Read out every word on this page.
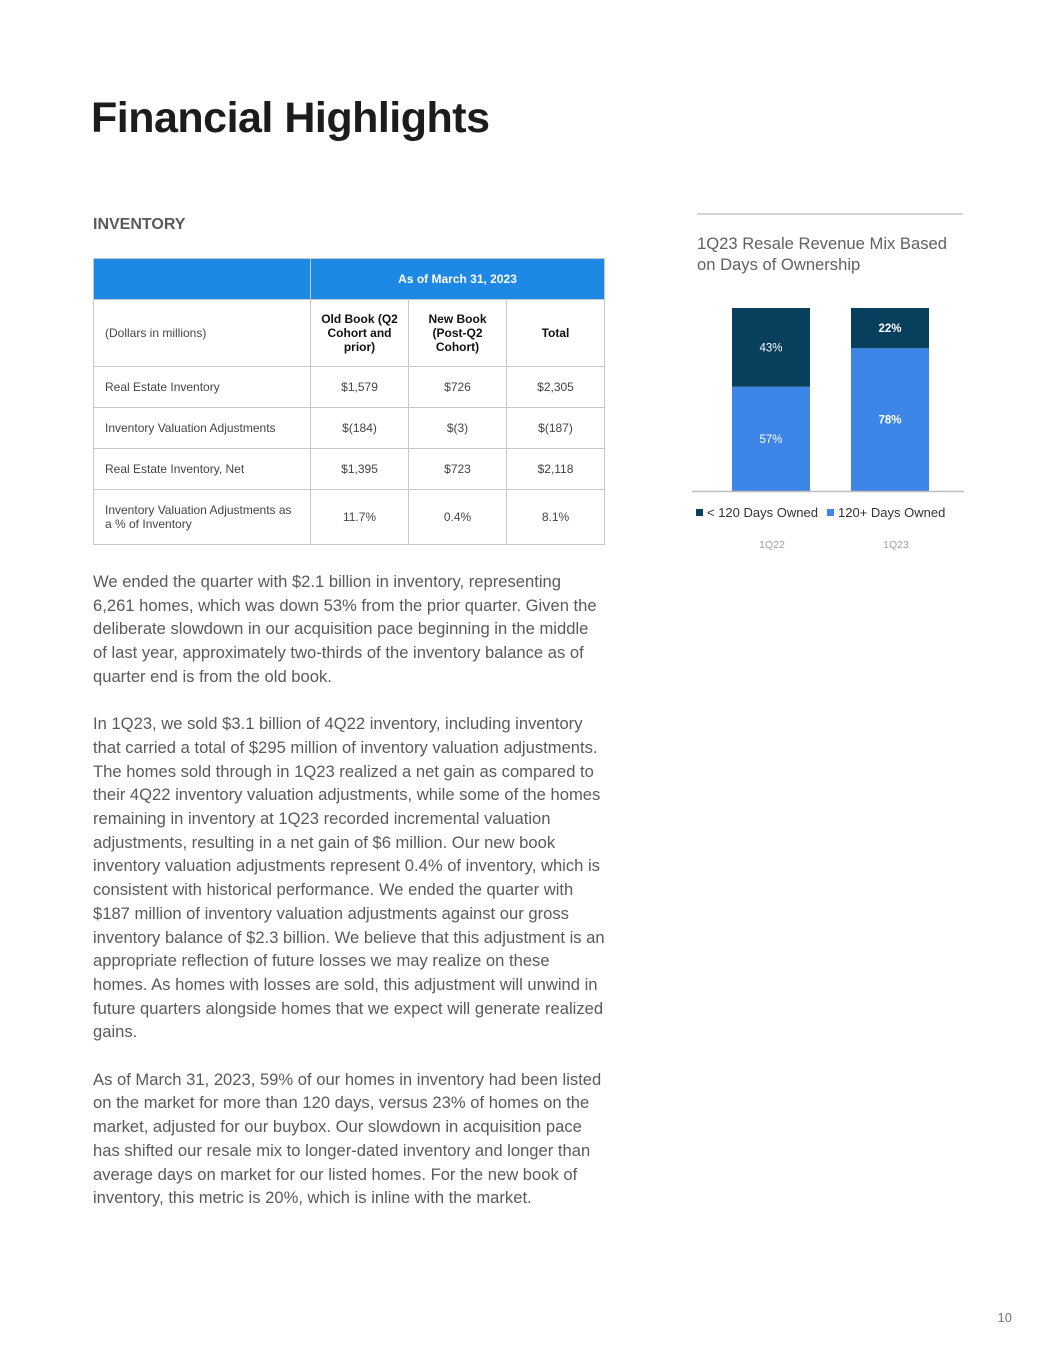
Financial Highlights
INVENTORY
	As of March 31, 2023		
(Dollars in millions)	Old Book (Q2 Cohort and prior)	New Book (Post-Q2 Cohort)	Total
Real Estate Inventory	$1,579	$726	$2,305
Inventory Valuation Adjustments	$(184)	$(3)	$(187)
Real Estate Inventory, Net	$1,395	$723	$2,118
Inventory Valuation Adjustments as a % of Inventory	11.7%	0.4%	8.1%

We ended the quarter with $2.1 billion in inventory, representing 6,261 homes, which was down 53% from the prior quarter. Given the deliberate slowdown in our acquisition pace beginning in the middle of last year, approximately two-thirds of the inventory balance as of quarter end is from the old book.

In 1Q23, we sold $3.1 billion of 4Q22 inventory, including inventory that carried a total of $295 million of inventory valuation adjustments. The homes sold through in 1Q23 realized a net gain as compared to their 4Q22 inventory valuation adjustments, while some of the homes remaining in inventory at 1Q23 recorded incremental valuation adjustments, resulting in a net gain of $6 million. Our new book inventory valuation adjustments represent 0.4% of inventory, which is consistent with historical performance. We ended the quarter with $187 million of inventory valuation adjustments against our gross inventory balance of $2.3 billion. We believe that this adjustment is an appropriate reflection of future losses we may realize on these homes. As homes with losses are sold, this adjustment will unwind in future quarters alongside homes that we expect will generate realized gains.

As of March 31, 2023, 59% of our homes in inventory had been listed on the market for more than 120 days, versus 23% of homes on the market, adjusted for our buybox. Our slowdown in acquisition pace has shifted our resale mix to longer-dated inventory and longer than average days on market for our listed homes. For the new book of inventory, this metric is 20%, which is inline with the market.

1Q23 Resale Revenue Mix Based on Days of Ownership
57%
43%
78%
22%
< 120 Days Owned 120+ Days Owned
1Q22	1Q23
10
